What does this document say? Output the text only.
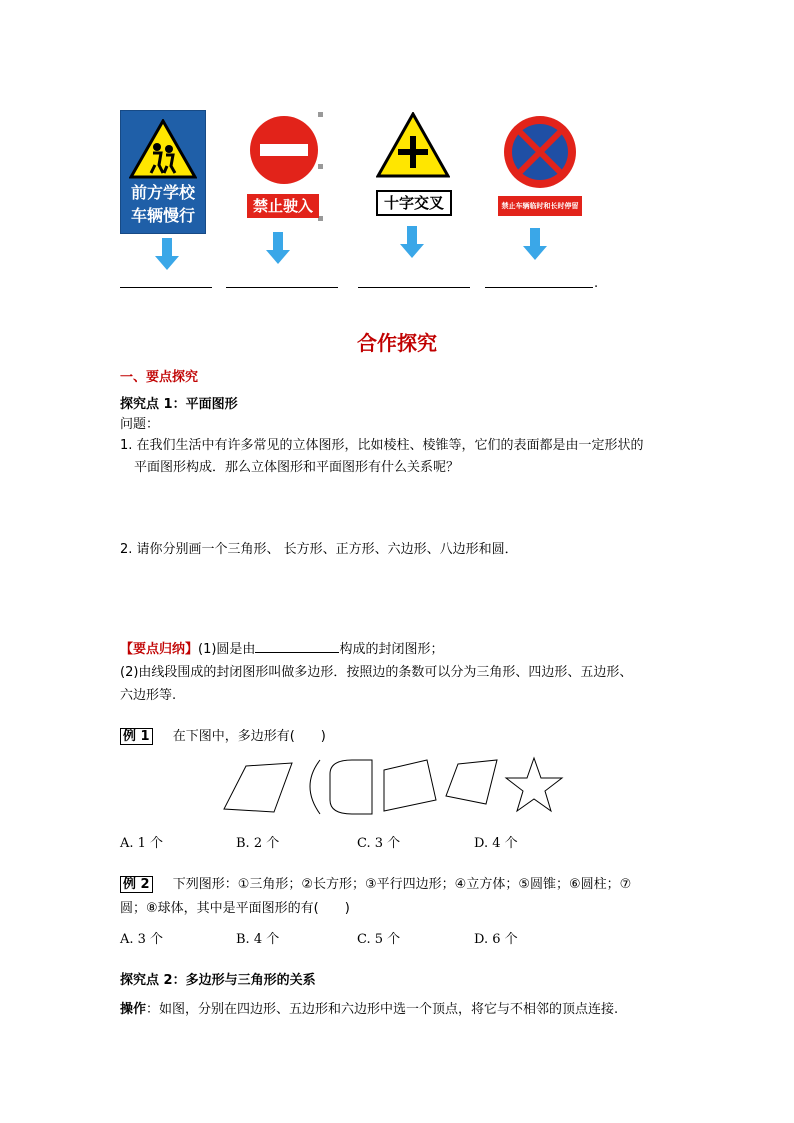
前方学校
车辆慢行	禁止驶入	十字交叉	禁止车辆临时和长时停留
.
合作探究
一、要点探究
探究点 1：平面图形
问题：
1. 在我们生活中有许多常见的立体图形，比如棱柱、棱锥等，它们的表面都是由一定形状的
平面图形构成．那么立体图形和平面图形有什么关系呢？
2. 请你分别画一个三角形、 长方形、正方形、六边形、八边形和圆．
【要点归纳】(1)圆是由	构成的封闭图形；
(2)由线段围成的封闭图形叫做多边形．按照边的条数可以分为三角形、四边形、五边形、
六边形等.
例 1 在下图中，多边形有(　　)
A. 1 个	B. 2 个	C. 3 个	D. 4 个
例 2 下列图形：①三角形；②长方形；③平行四边形；④立方体；⑤圆锥；⑥圆柱；⑦
圆；⑧球体，其中是平面图形的有(　　)
A. 3 个	B. 4 个	C. 5 个	D. 6 个
探究点 2：多边形与三角形的关系
操作：如图，分别在四边形、五边形和六边形中选一个顶点，将它与不相邻的顶点连接.
